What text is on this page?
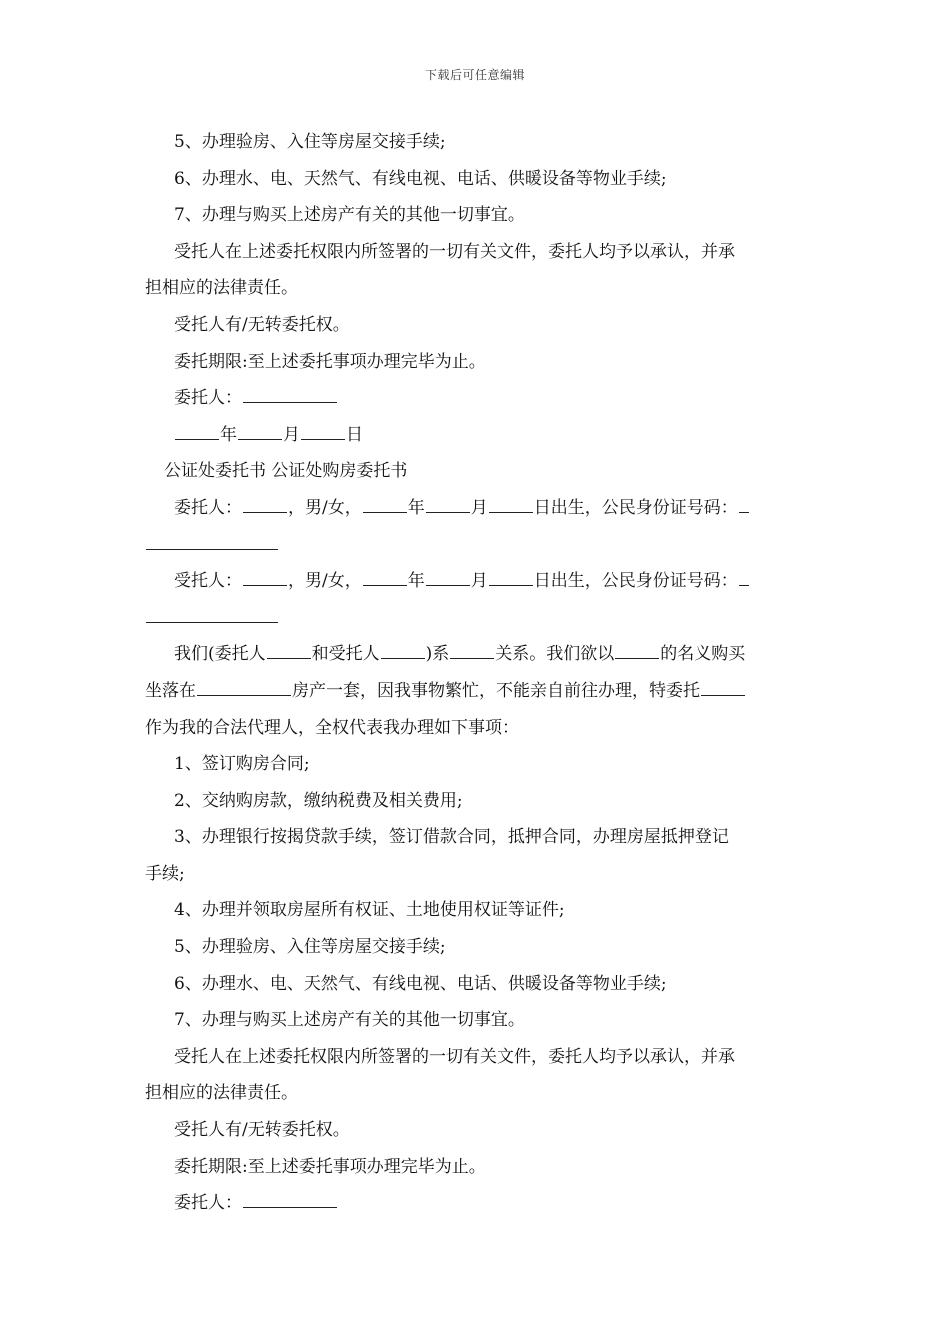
下载后可任意编辑

5、办理验房、入住等房屋交接手续;

6、办理水、电、天然气、有线电视、电话、供暖设备等物业手续;

7、办理与购买上述房产有关的其他一切事宜。

受托人在上述委托权限内所签署的一切有关文件，委托人均予以承认，并承

担相应的法律责任。

受托人有/无转委托权。

委托期限:至上述委托事项办理完毕为止。

委托人：

年	月	日

公证处委托书 公证处购房委托书

委托人：	，男/女，	年	月	日出生，公民身份证号码：

受托人：	，男/女，	年	月	日出生，公民身份证号码：

我们(委托人	和受托人	)系	关系。我们欲以	的名义购买

坐落在	房产一套，因我事物繁忙，不能亲自前往办理，特委托

作为我的合法代理人，全权代表我办理如下事项：

1、签订购房合同;

2、交纳购房款，缴纳税费及相关费用;

3、办理银行按揭贷款手续，签订借款合同，抵押合同，办理房屋抵押登记

手续;

4、办理并领取房屋所有权证、土地使用权证等证件;

5、办理验房、入住等房屋交接手续;

6、办理水、电、天然气、有线电视、电话、供暖设备等物业手续;

7、办理与购买上述房产有关的其他一切事宜。

受托人在上述委托权限内所签署的一切有关文件，委托人均予以承认，并承

担相应的法律责任。

受托人有/无转委托权。

委托期限:至上述委托事项办理完毕为止。

委托人：
